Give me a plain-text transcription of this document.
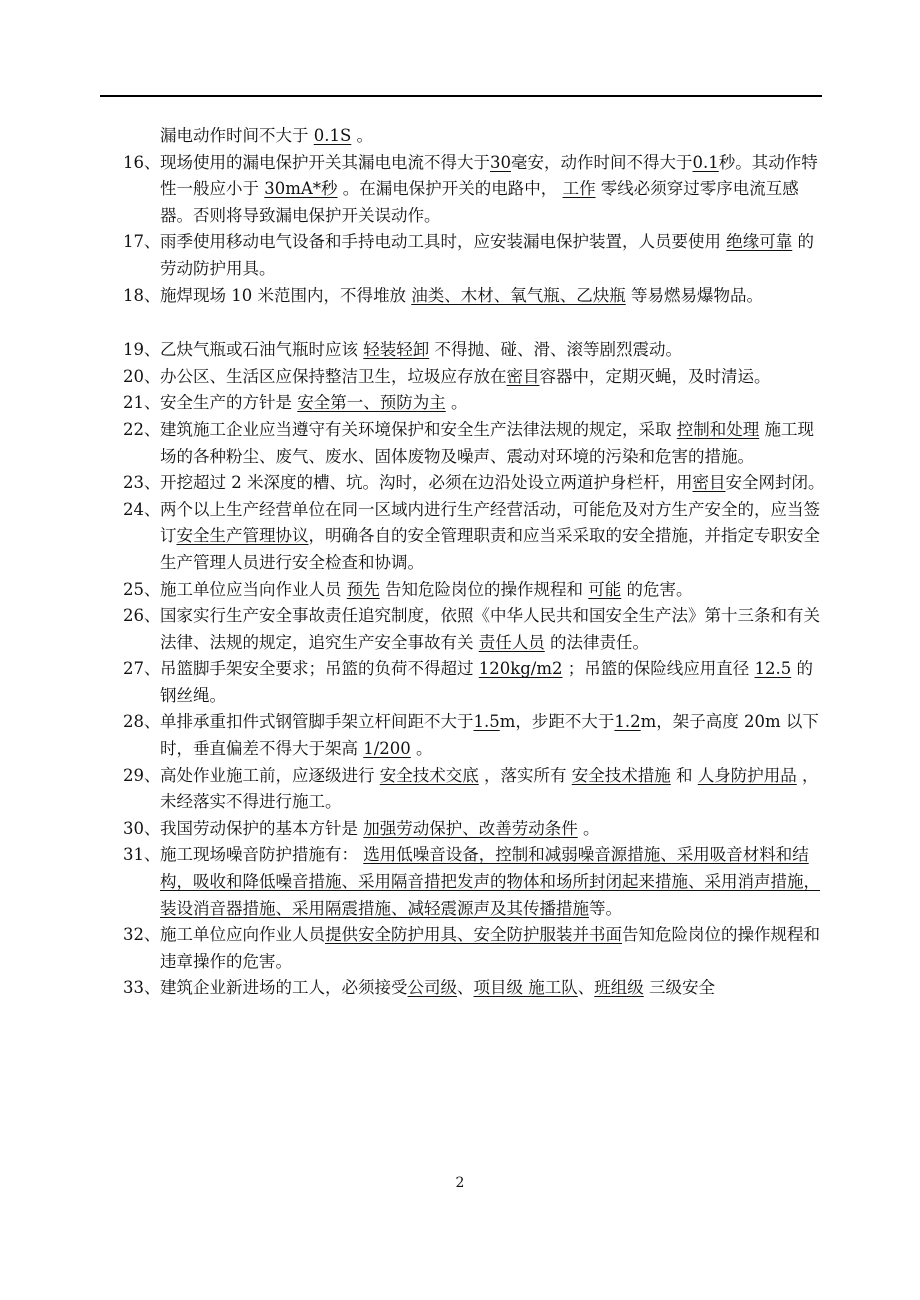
漏电动作时间不大于 0.1S 。
16、 现场使用的漏电保护开关其漏电电流不得大于30毫安，动作时间不得大于0.1秒。其动作特性一般应小于 30mA*秒 。在漏电保护开关的电路中， 工作 零线必须穿过零序电流互感器。否则将导致漏电保护开关误动作。
17、 雨季使用移动电气设备和手持电动工具时，应安装漏电保护装置，人员要使用 绝缘可靠 的劳动防护用具。
18、 施焊现场 10 米范围内，不得堆放 油类、木材、氧气瓶、乙炔瓶 等易燃易爆物品。
19、 乙炔气瓶或石油气瓶时应该 轻装轻卸 不得抛、碰、滑、滚等剧烈震动。
20、 办公区、生活区应保持整洁卫生，垃圾应存放在密目容器中，定期灭蝇，及时清运。
21、 安全生产的方针是 安全第一、预防为主 。
22、 建筑施工企业应当遵守有关环境保护和安全生产法律法规的规定，采取 控制和处理 施工现场的各种粉尘、废气、废水、固体废物及噪声、震动对环境的污染和危害的措施。
23、 开挖超过 2 米深度的槽、坑。沟时，必须在边沿处设立两道护身栏杆，用密目安全网封闭。
24、 两个以上生产经营单位在同一区域内进行生产经营活动，可能危及对方生产安全的，应当签订安全生产管理协议，明确各自的安全管理职责和应当采采取的安全措施，并指定专职安全生产管理人员进行安全检查和协调。
25、 施工单位应当向作业人员 预先 告知危险岗位的操作规程和 可能 的危害。
26、 国家实行生产安全事故责任追究制度，依照《中华人民共和国安全生产法》第十三条和有关法律、法规的规定，追究生产安全事故有关 责任人员 的法律责任。
27、 吊篮脚手架安全要求；吊篮的负荷不得超过 120kg/m2 ；吊篮的保险线应用直径 12.5 的钢丝绳。
28、 单排承重扣件式钢管脚手架立杆间距不大于1.5m，步距不大于1.2m，架子高度 20m 以下时，垂直偏差不得大于架高 1/200 。
29、 高处作业施工前，应逐级进行 安全技术交底 ，落实所有 安全技术措施 和 人身防护用品 ，未经落实不得进行施工。
30、 我国劳动保护的基本方针是 加强劳动保护、改善劳动条件 。
31、 施工现场噪音防护措施有： 选用低噪音设备，控制和减弱噪音源措施、采用吸音材料和结构，吸收和降低噪音措施、采用隔音措把发声的物体和场所封闭起来措施、采用消声措施，装设消音器措施、采用隔震措施、减轻震源声及其传播措施等。
32、 施工单位应向作业人员提供安全防护用具、安全防护服装并书面告知危险岗位的操作规程和违章操作的危害。
33、 建筑企业新进场的工人，必须接受公司级、项目级 施工队、班组级 三级安全
2
